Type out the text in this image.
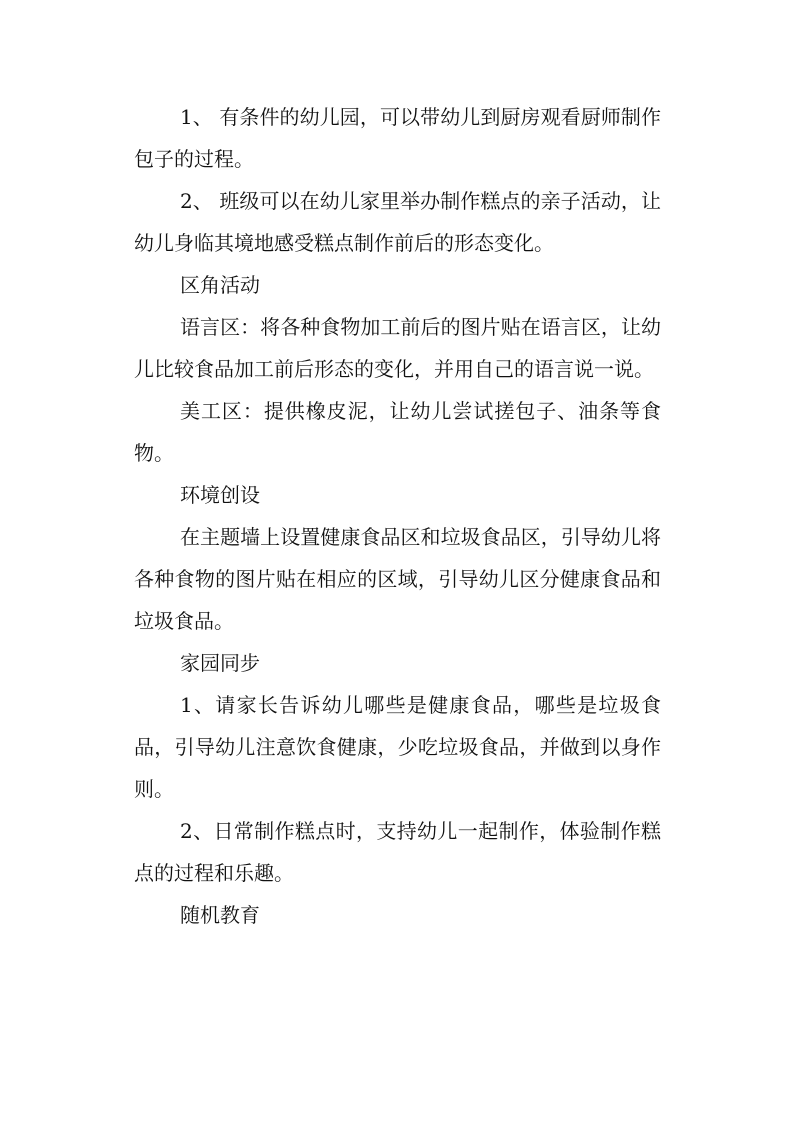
1、 有条件的幼儿园，可以带幼儿到厨房观看厨师制作包子的过程。

2、 班级可以在幼儿家里举办制作糕点的亲子活动，让幼儿身临其境地感受糕点制作前后的形态变化。

区角活动

语言区：将各种食物加工前后的图片贴在语言区，让幼儿比较食品加工前后形态的变化，并用自己的语言说一说。

美工区：提供橡皮泥，让幼儿尝试搓包子、油条等食物。

环境创设

在主题墙上设置健康食品区和垃圾食品区，引导幼儿将各种食物的图片贴在相应的区域，引导幼儿区分健康食品和垃圾食品。

家园同步

1、请家长告诉幼儿哪些是健康食品，哪些是垃圾食品，引导幼儿注意饮食健康，少吃垃圾食品，并做到以身作则。

2、日常制作糕点时，支持幼儿一起制作，体验制作糕点的过程和乐趣。

随机教育
